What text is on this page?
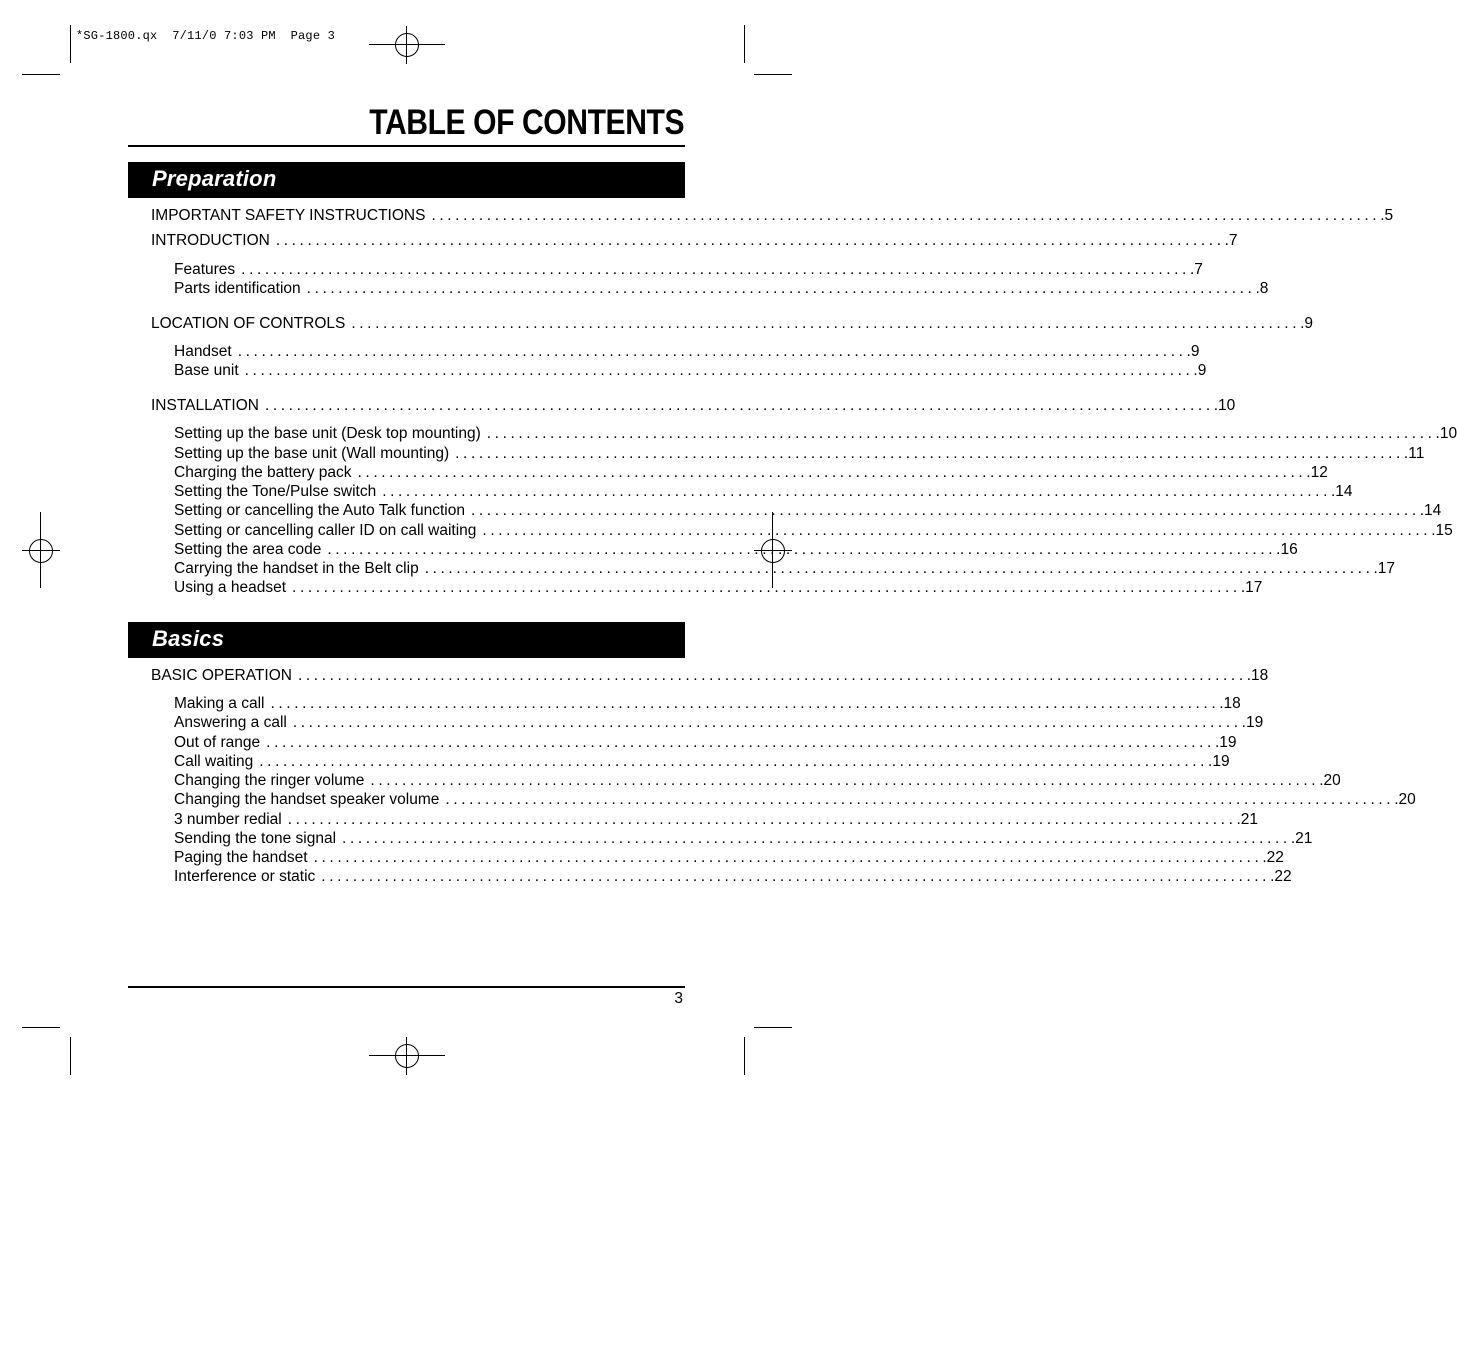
*SG-1800.qx  7/11/0 7:03 PM  Page 3
TABLE OF CONTENTS
Preparation
Basics
IMPORTANT SAFETY INSTRUCTIONS ........................................................................................................................ .5
INTRODUCTION ........................................................................................................................ .7
Features ........................................................................................................................ .7
Parts identification ........................................................................................................................ .8
LOCATION OF CONTROLS ........................................................................................................................ .9
Handset ........................................................................................................................ .9
Base unit ........................................................................................................................ .9
INSTALLATION ........................................................................................................................ .10
Setting up the base unit (Desk top mounting) ........................................................................................................................ .10
Setting up the base unit (Wall mounting) ........................................................................................................................ .11
Charging the battery pack ........................................................................................................................ .12
Setting the Tone/Pulse switch ........................................................................................................................ .14
Setting or cancelling the Auto Talk function ........................................................................................................................ .14
Setting or cancelling caller ID on call waiting ........................................................................................................................ .15
Setting the area code ........................................................................................................................ .16
Carrying the handset in the Belt clip ........................................................................................................................ .17
Using a headset ........................................................................................................................ .17
BASIC OPERATION ........................................................................................................................ .18
Making a call ........................................................................................................................ .18
Answering a call ........................................................................................................................ .19
Out of range ........................................................................................................................ .19
Call waiting ........................................................................................................................ .19
Changing the ringer volume ........................................................................................................................ .20
Changing the handset speaker volume ........................................................................................................................ .20
3 number redial ........................................................................................................................ .21
Sending the tone signal ........................................................................................................................ .21
Paging the handset ........................................................................................................................ .22
Interference or static ........................................................................................................................ .22
3
